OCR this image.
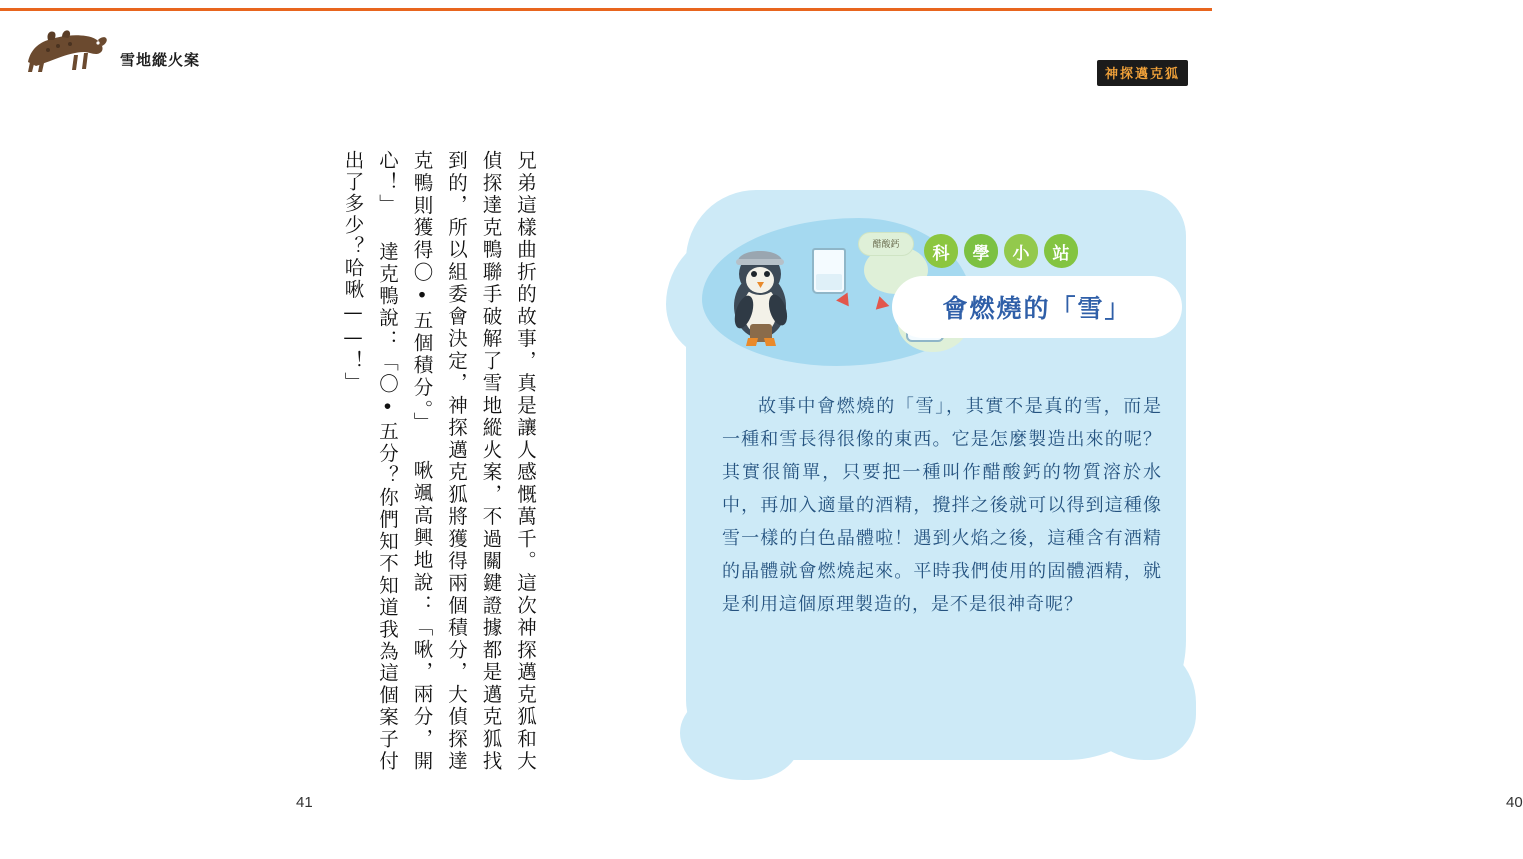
雪地縱火案
神探邁克狐
醋酸鈣	科	學	小	站
會燃燒的「雪」
故事中會燃燒的「雪」，其實不是真的雪，而是一種和雪長得很像的東西。它是怎麼製造出來的呢？其實很簡單，只要把一種叫作醋酸鈣的物質溶於水中，再加入適量的酒精，攪拌之後就可以得到這種像雪一樣的白色晶體啦！遇到火焰之後，這種含有酒精的晶體就會燃燒起來。平時我們使用的固體酒精，就是利用這個原理製造的，是不是很神奇呢？
40
兄弟這樣曲折的故事，真是讓人感慨萬千。這次神探邁克狐和大偵探達克鴨聯手破解了雪地縱火案，不過關鍵證據都是邁克狐找到的，所以組委會決定，神探邁克狐將獲得兩個積分，大偵探達克鴨則獲得〇•五個積分。」 啾颯高興地說：「啾，兩分，開心！」 達克鴨說：「〇•五分？你們知不知道我為這個案子付出了多少？哈啾——！」
41
